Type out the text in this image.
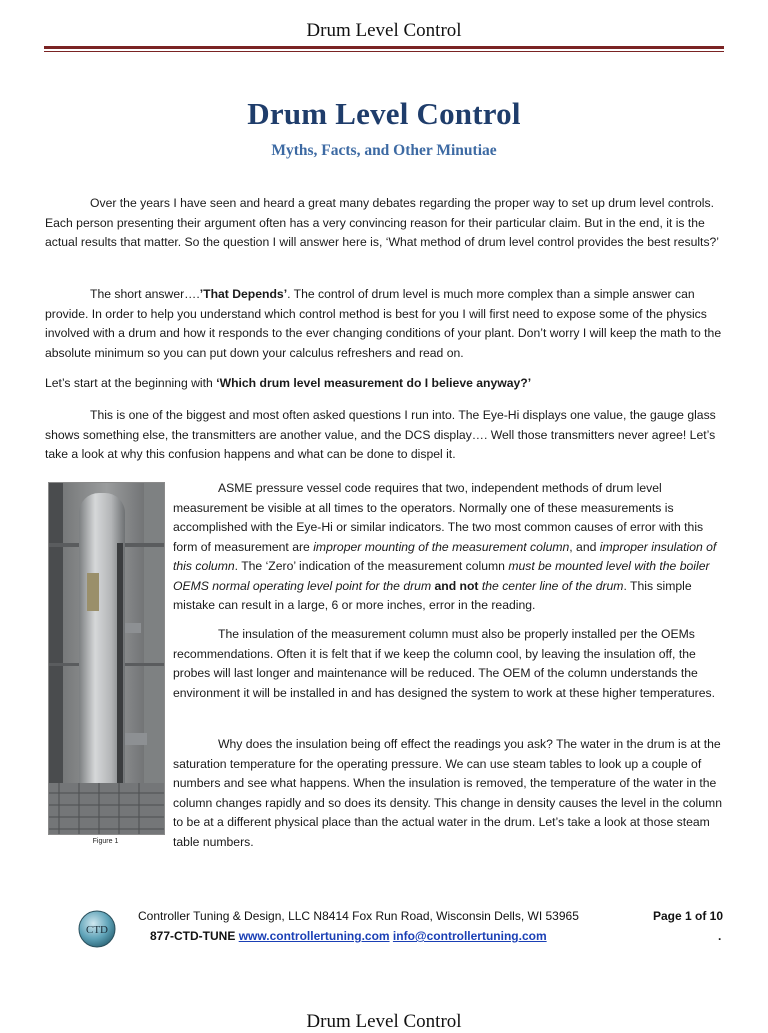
Drum Level Control
Drum Level Control
Myths, Facts, and Other Minutiae

Over the years I have seen and heard a great many debates regarding the proper way to set up drum level controls. Each person presenting their argument often has a very convincing reason for their particular claim. But in the end, it is the actual results that matter. So the question I will answer here is, ‘What method of drum level control provides the best results?’

The short answer….’That Depends’. The control of drum level is much more complex than a simple answer can provide. In order to help you understand which control method is best for you I will first need to expose some of the physics involved with a drum and how it responds to the ever changing conditions of your plant. Don’t worry I will keep the math to the absolute minimum so you can put down your calculus refreshers and read on.

Let’s start at the beginning with ‘Which drum level measurement do I believe anyway?’

This is one of the biggest and most often asked questions I run into. The Eye-Hi displays one value, the gauge glass shows something else, the transmitters are another value, and the DCS display…. Well those transmitters never agree! Let’s take a look at why this confusion happens and what can be done to dispel it.

Figure 1

ASME pressure vessel code requires that two, independent methods of drum level measurement be visible at all times to the operators. Normally one of these measurements is accomplished with the Eye-Hi or similar indicators. The two most common causes of error with this form of measurement are improper mounting of the measurement column, and improper insulation of this column. The ‘Zero’ indication of the measurement column must be mounted level with the boiler OEMS normal operating level point for the drum and not the center line of the drum. This simple mistake can result in a large, 6 or more inches, error in the reading.

The insulation of the measurement column must also be properly installed per the OEMs recommendations. Often it is felt that if we keep the column cool, by leaving the insulation off, the probes will last longer and maintenance will be reduced. The OEM of the column understands the environment it will be installed in and has designed the system to work at these higher temperatures.

Why does the insulation being off effect the readings you ask? The water in the drum is at the saturation temperature for the operating pressure. We can use steam tables to look up a couple of numbers and see what happens. When the insulation is removed, the temperature of the water in the column changes rapidly and so does its density. This change in density causes the level in the column to be at a different physical place than the actual water in the drum. Let’s take a look at those steam table numbers.

CTD
Controller Tuning & Design, LLC N8414 Fox Run Road, Wisconsin Dells, WI 53965
877-CTD-TUNE www.controllertuning.com info@controllertuning.com
Page 1 of 10
.
Drum Level Control
